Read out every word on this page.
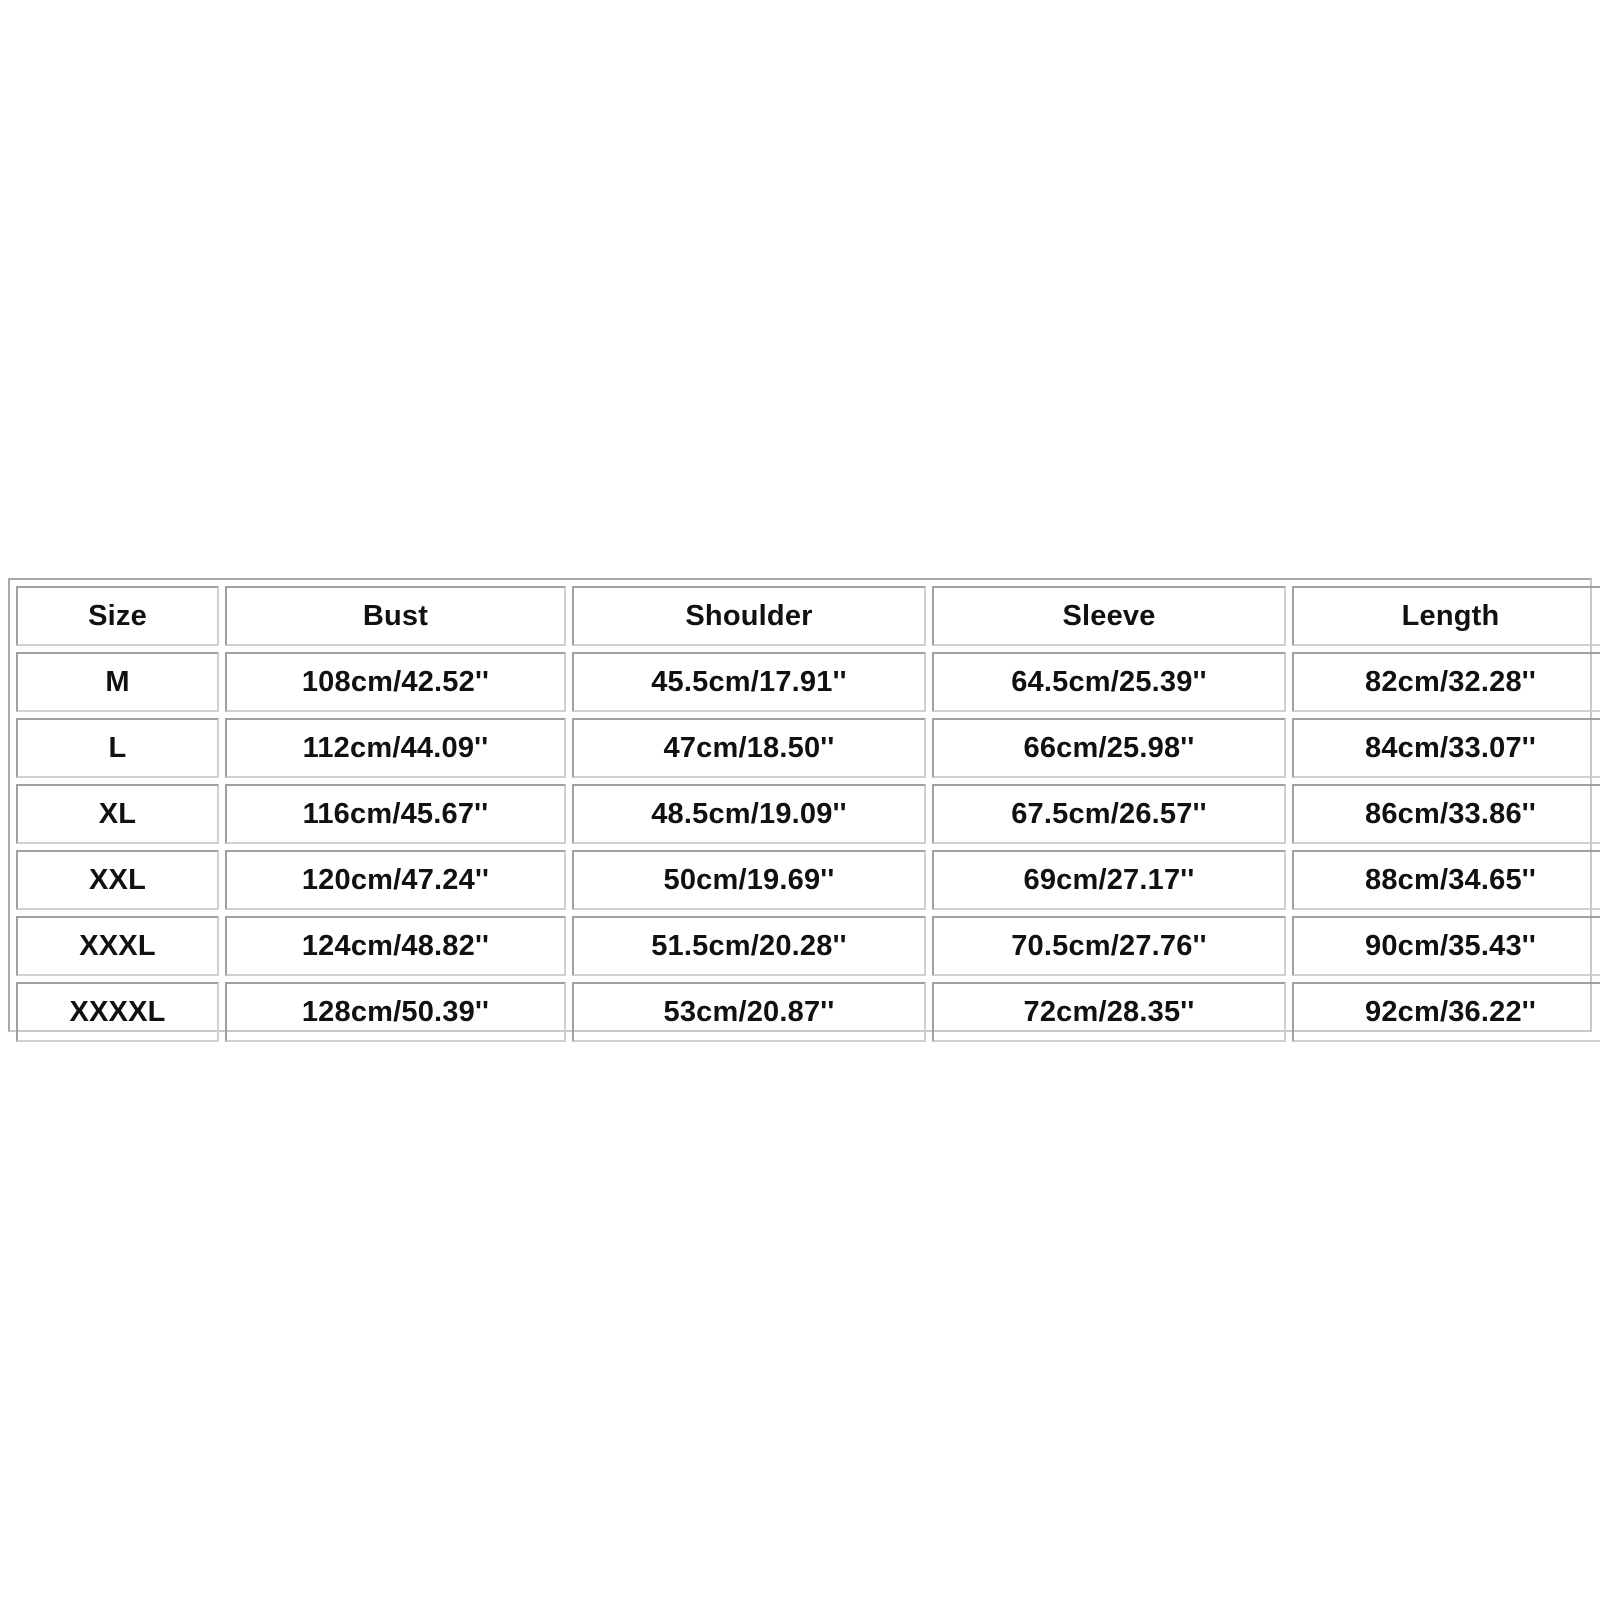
Size	Bust	Shoulder	Sleeve	Length
M	108cm/42.52''	45.5cm/17.91''	64.5cm/25.39''	82cm/32.28''
L	112cm/44.09''	47cm/18.50''	66cm/25.98''	84cm/33.07''
XL	116cm/45.67''	48.5cm/19.09''	67.5cm/26.57''	86cm/33.86''
XXL	120cm/47.24''	50cm/19.69''	69cm/27.17''	88cm/34.65''
XXXL	124cm/48.82''	51.5cm/20.28''	70.5cm/27.76''	90cm/35.43''
XXXXL	128cm/50.39''	53cm/20.87''	72cm/28.35''	92cm/36.22''
